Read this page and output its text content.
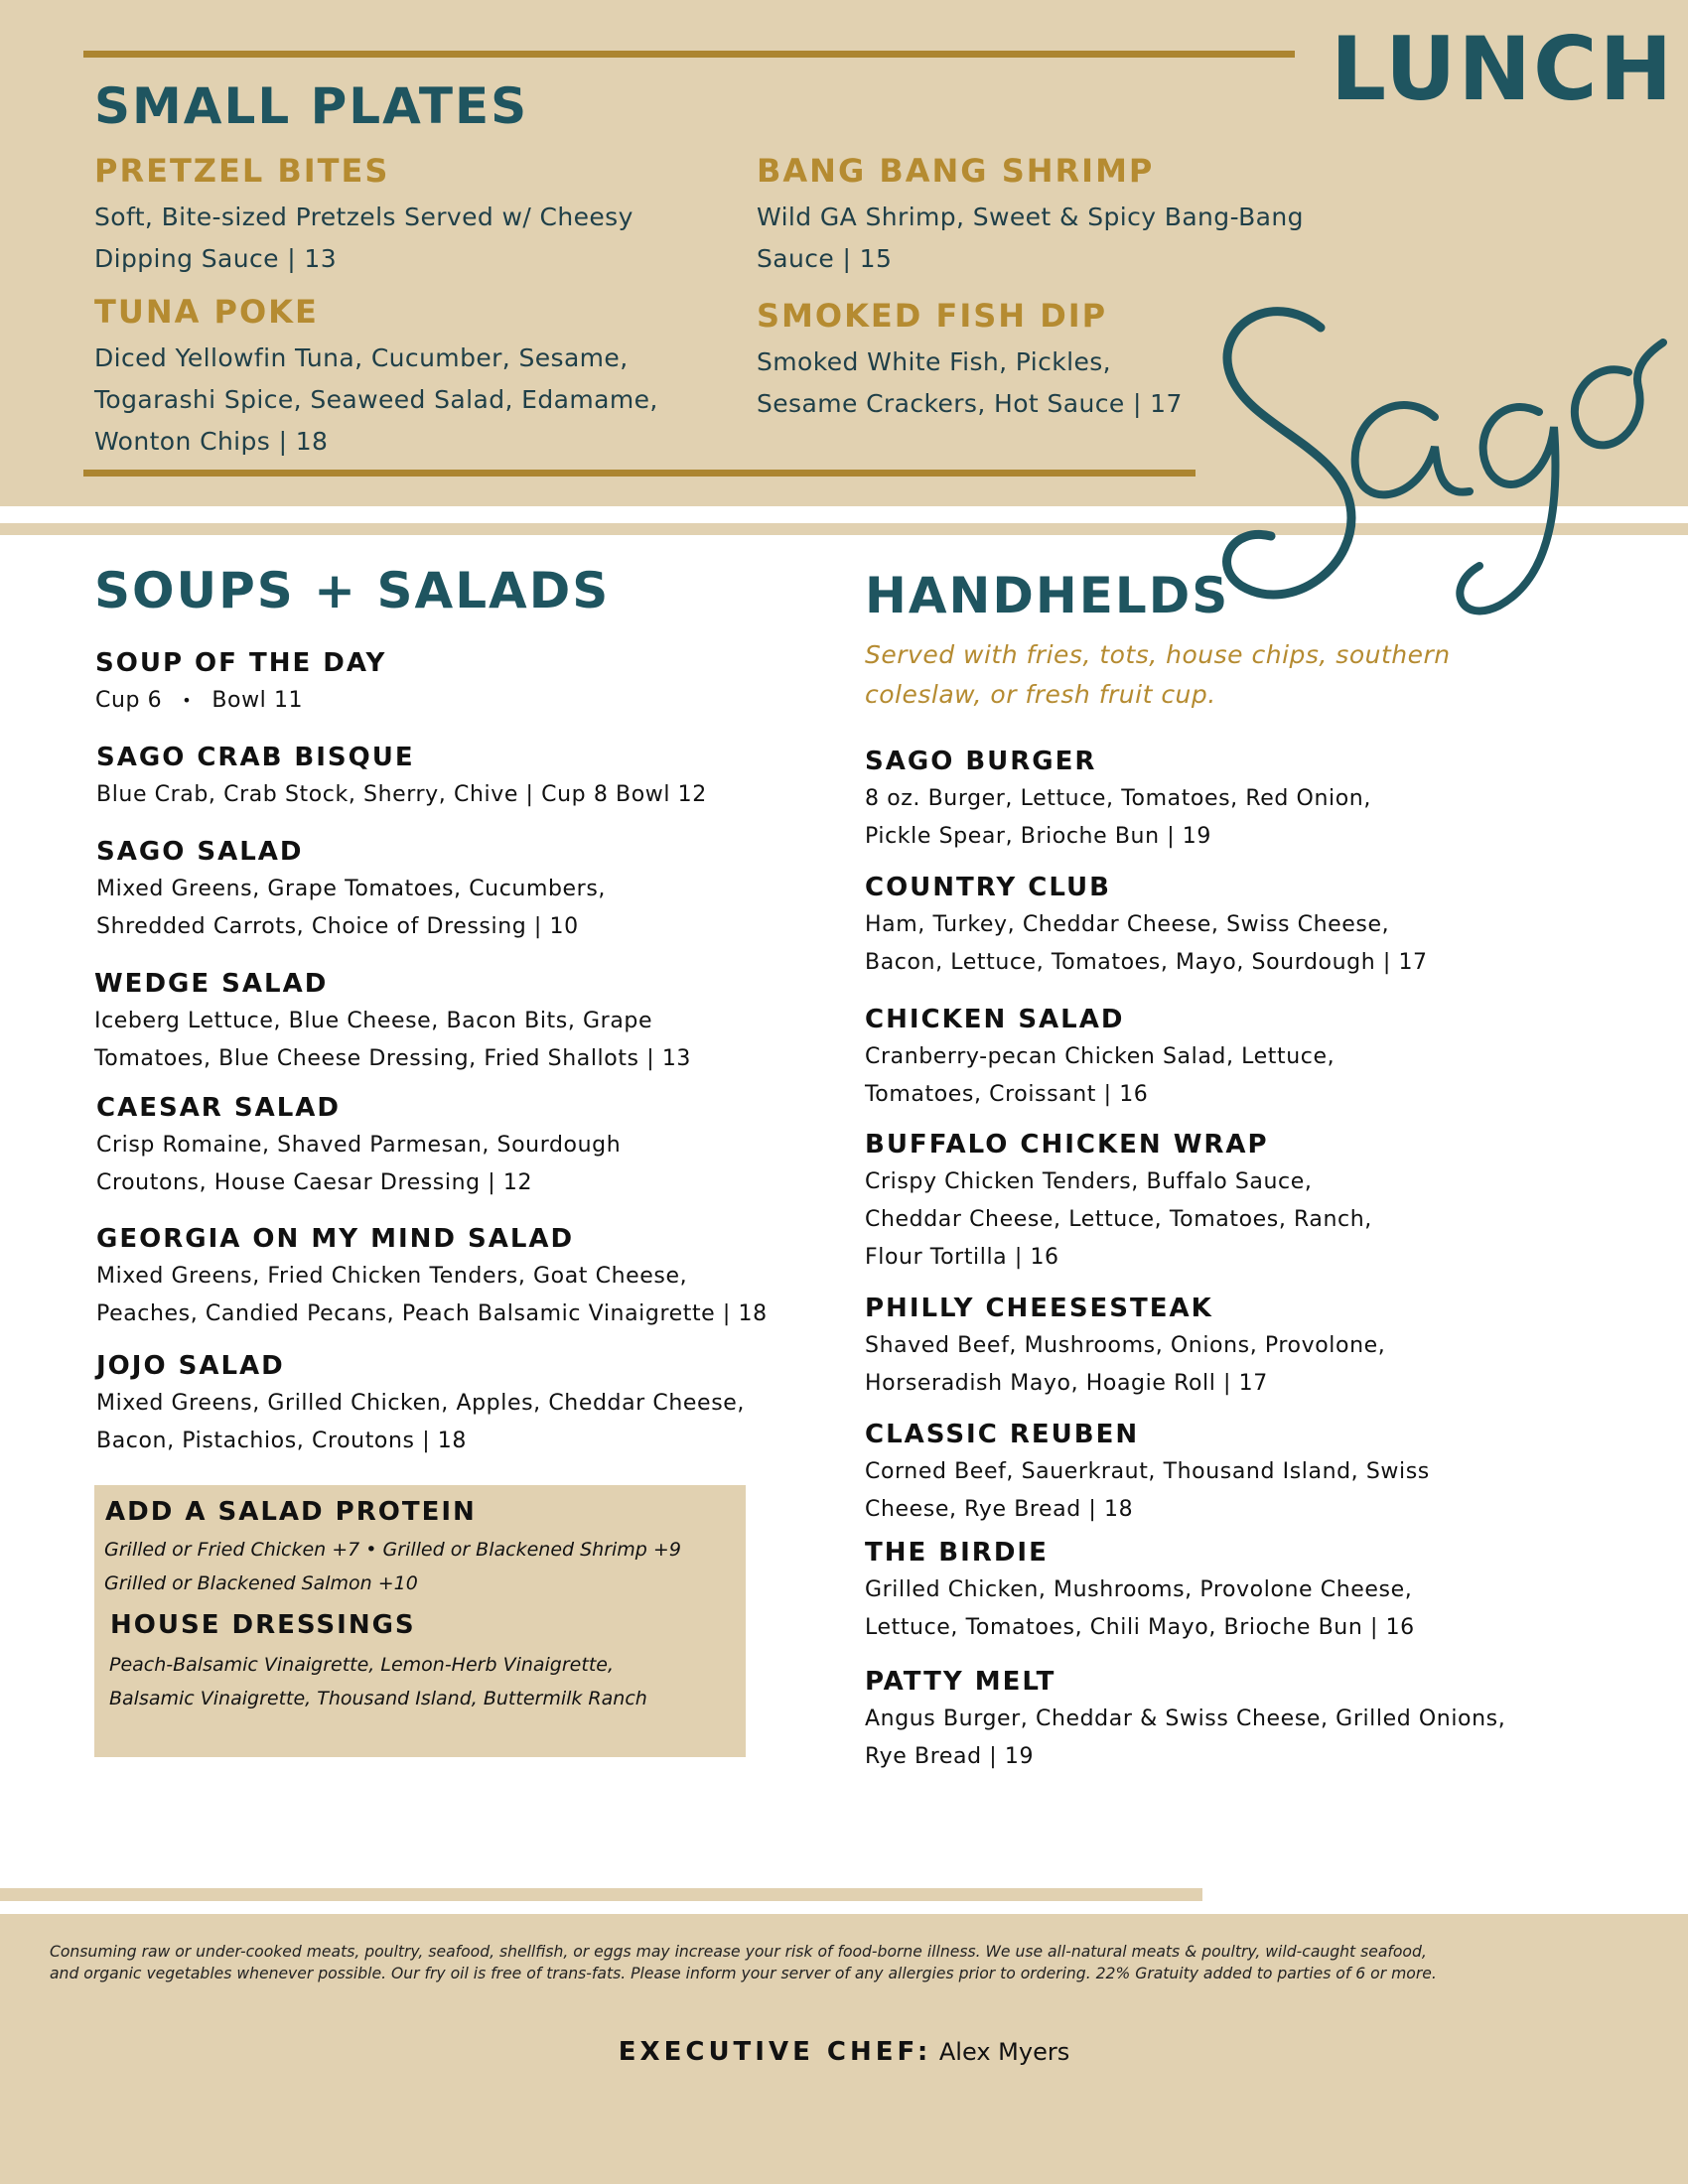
LUNCH
SMALL PLATES
PRETZEL BITES
Soft, Bite-sized Pretzels Served w/ Cheesy
Dipping Sauce | 13
TUNA POKE
Diced Yellowfin Tuna, Cucumber, Sesame,
Togarashi Spice, Seaweed Salad, Edamame,
Wonton Chips | 18
BANG BANG SHRIMP
Wild GA Shrimp, Sweet & Spicy Bang-Bang
Sauce | 15
SMOKED FISH DIP
Smoked White Fish, Pickles,
Sesame Crackers, Hot Sauce | 17
SOUPS + SALADS
SOUP OF THE DAY
Cup 6 • Bowl 11
SAGO CRAB BISQUE
Blue Crab, Crab Stock, Sherry, Chive | Cup 8 Bowl 12
SAGO SALAD
Mixed Greens, Grape Tomatoes, Cucumbers,
Shredded Carrots, Choice of Dressing | 10
WEDGE SALAD
Iceberg Lettuce, Blue Cheese, Bacon Bits, Grape
Tomatoes, Blue Cheese Dressing, Fried Shallots | 13
CAESAR SALAD
Crisp Romaine, Shaved Parmesan, Sourdough
Croutons, House Caesar Dressing | 12
GEORGIA ON MY MIND SALAD
Mixed Greens, Fried Chicken Tenders, Goat Cheese,
Peaches, Candied Pecans, Peach Balsamic Vinaigrette | 18
JOJO SALAD
Mixed Greens, Grilled Chicken, Apples, Cheddar Cheese,
Bacon, Pistachios, Croutons | 18
ADD A SALAD PROTEIN
Grilled or Fried Chicken +7 • Grilled or Blackened Shrimp +9
Grilled or Blackened Salmon +10
HOUSE DRESSINGS
Peach-Balsamic Vinaigrette, Lemon-Herb Vinaigrette,
Balsamic Vinaigrette, Thousand Island, Buttermilk Ranch
HANDHELDS
Served with fries, tots, house chips, southern
coleslaw, or fresh fruit cup.
SAGO BURGER
8 oz. Burger, Lettuce, Tomatoes, Red Onion,
Pickle Spear, Brioche Bun | 19
COUNTRY CLUB
Ham, Turkey, Cheddar Cheese, Swiss Cheese,
Bacon, Lettuce, Tomatoes, Mayo, Sourdough | 17
CHICKEN SALAD
Cranberry-pecan Chicken Salad, Lettuce,
Tomatoes, Croissant | 16
BUFFALO CHICKEN WRAP
Crispy Chicken Tenders, Buffalo Sauce,
Cheddar Cheese, Lettuce, Tomatoes, Ranch,
Flour Tortilla | 16
PHILLY CHEESESTEAK
Shaved Beef, Mushrooms, Onions, Provolone,
Horseradish Mayo, Hoagie Roll | 17
CLASSIC REUBEN
Corned Beef, Sauerkraut, Thousand Island, Swiss
Cheese, Rye Bread | 18
THE BIRDIE
Grilled Chicken, Mushrooms, Provolone Cheese,
Lettuce, Tomatoes, Chili Mayo, Brioche Bun | 16
PATTY MELT
Angus Burger, Cheddar & Swiss Cheese, Grilled Onions,
Rye Bread | 19
Consuming raw or under-cooked meats, poultry, seafood, shellfish, or eggs may increase your risk of food-borne illness. We use all-natural meats & poultry, wild-caught seafood,
and organic vegetables whenever possible. Our fry oil is free of trans-fats. Please inform your server of any allergies prior to ordering. 22% Gratuity added to parties of 6 or more.
EXECUTIVE CHEF: Alex Myers
